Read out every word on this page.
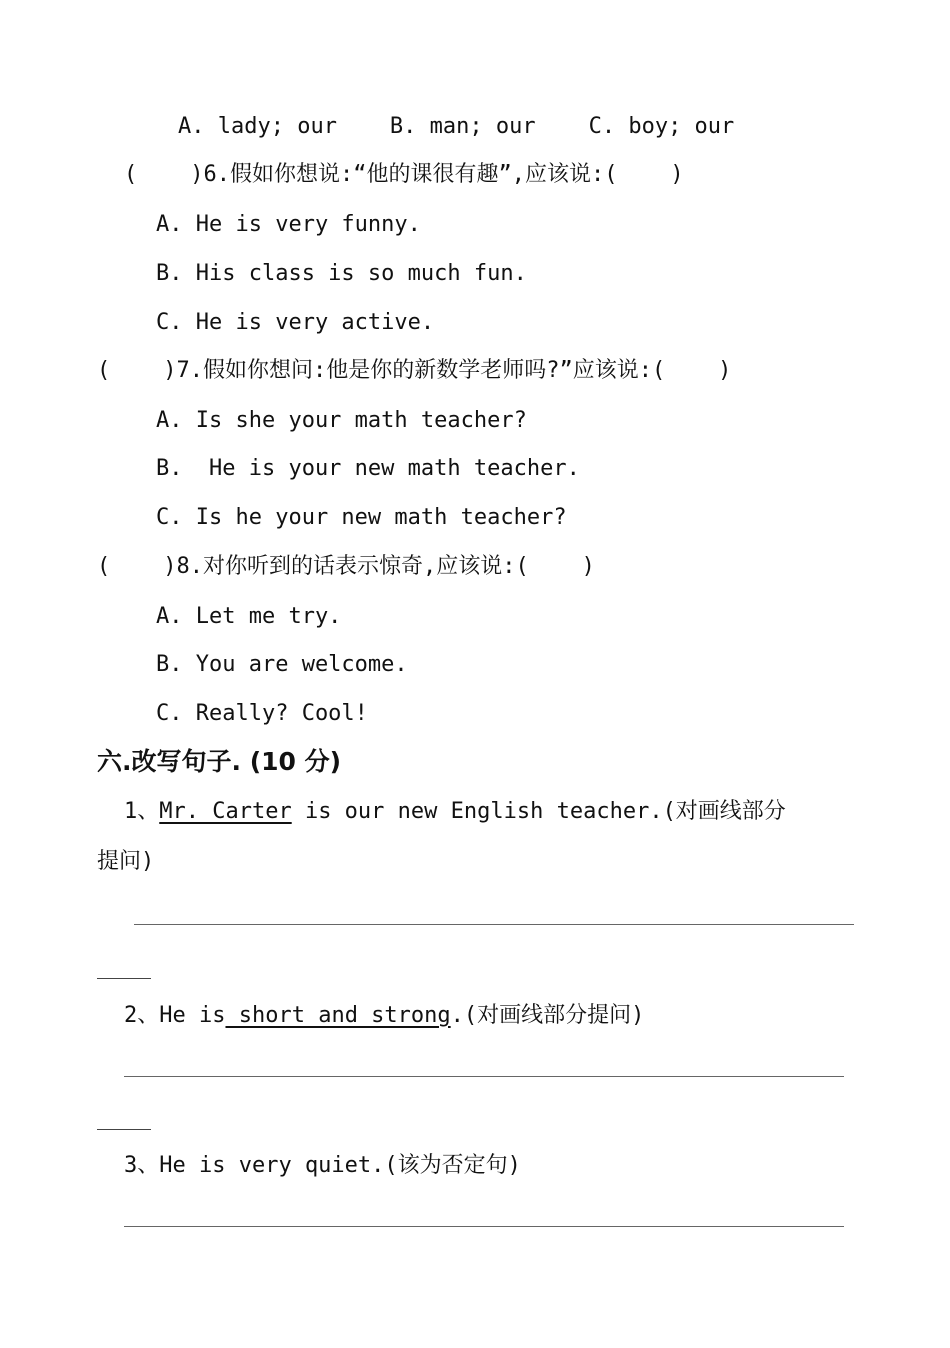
A. lady; our    B. man; our    C. boy; our
(    )6.假如你想说:“他的课很有趣”,应该说:(    )
A. He is very funny.
B. His class is so much fun.
C. He is very active.
(    )7.假如你想问:他是你的新数学老师吗?”应该说:(    )
A. Is she your math teacher?
B.  He is your new math teacher.
C. Is he your new math teacher?
(    )8.对你听到的话表示惊奇,应该说:(    )
A. Let me try.
B. You are welcome.
C. Really? Cool!
六.改写句子. (10 分)
1、Mr. Carter is our new English teacher.(对画线部分
提问)
2、He is short and strong.(对画线部分提问)
3、He is very quiet.(该为否定句)
